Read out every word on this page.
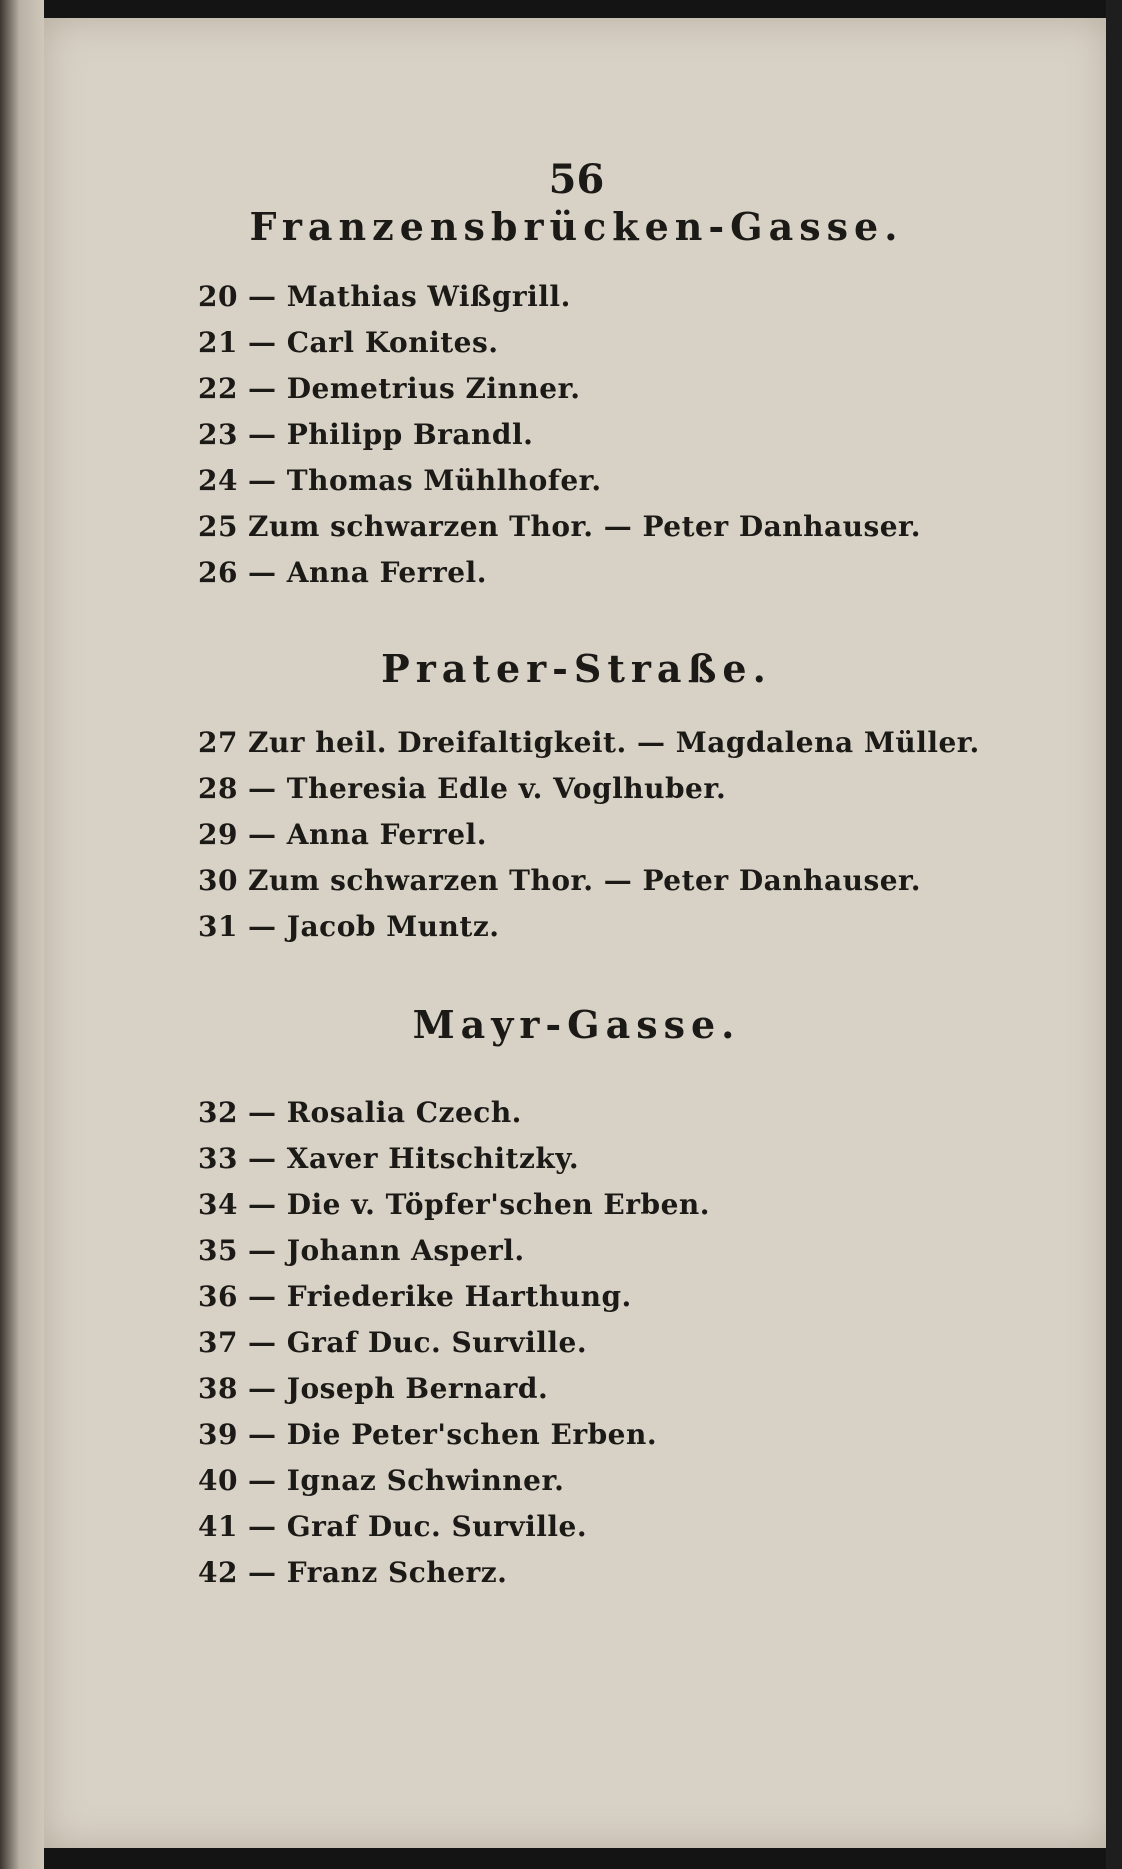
56
Franzensbrücken-Gasse.
20 — Mathias Wißgrill.
21 — Carl Konites.
22 — Demetrius Zinner.
23 — Philipp Brandl.
24 — Thomas Mühlhofer.
25 Zum schwarzen Thor. — Peter Danhauser.
26 — Anna Ferrel.
Prater-Straße.
27 Zur heil. Dreifaltigkeit. — Magdalena Müller.
28 — Theresia Edle v. Voglhuber.
29 — Anna Ferrel.
30 Zum schwarzen Thor. — Peter Danhauser.
31 — Jacob Muntz.
Mayr-Gasse.
32 — Rosalia Czech.
33 — Xaver Hitschitzky.
34 — Die v. Töpfer'schen Erben.
35 — Johann Asperl.
36 — Friederike Harthung.
37 — Graf Duc. Surville.
38 — Joseph Bernard.
39 — Die Peter'schen Erben.
40 — Ignaz Schwinner.
41 — Graf Duc. Surville.
42 — Franz Scherz.
